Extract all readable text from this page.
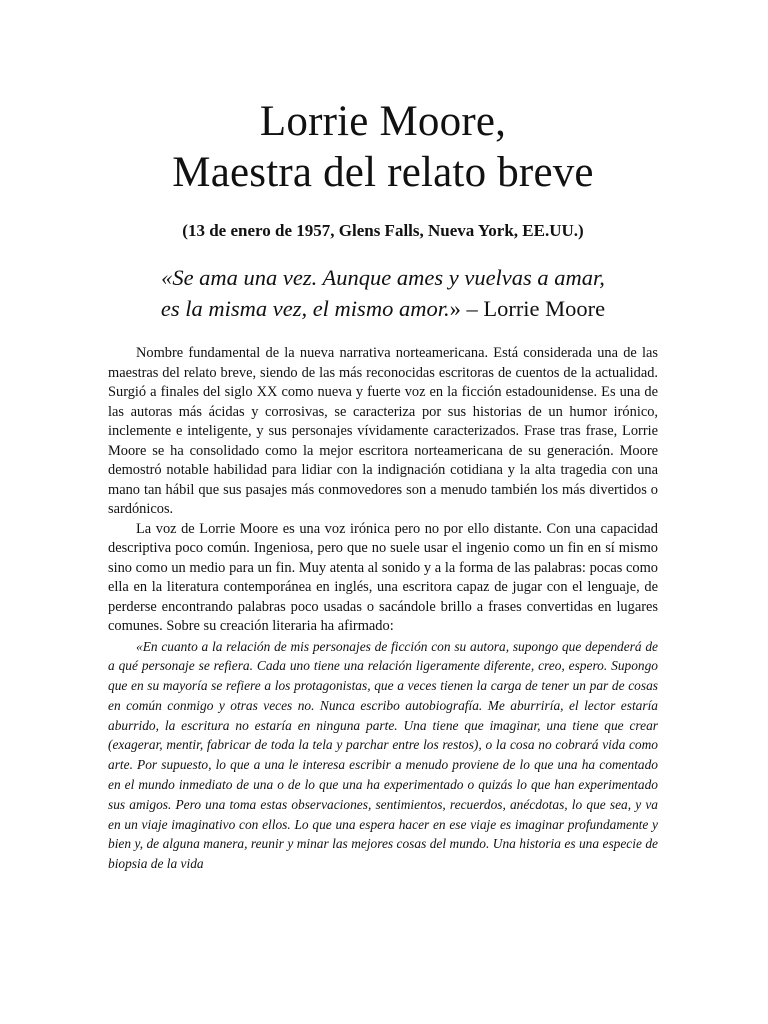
Lorrie Moore,
Maestra del relato breve

(13 de enero de 1957, Glens Falls, Nueva York, EE.UU.)

«Se ama una vez. Aunque ames y vuelvas a amar,
es la misma vez, el mismo amor.» – Lorrie Moore

Nombre fundamental de la nueva narrativa norteamericana. Está considerada una de las maestras del relato breve, siendo de las más reconocidas escritoras de cuentos de la actualidad. Surgió a finales del siglo XX como nueva y fuerte voz en la ficción estadounidense. Es una de las autoras más ácidas y corrosivas, se caracteriza por sus historias de un humor irónico, inclemente e inteligente, y sus personajes vívidamente caracterizados. Frase tras frase, Lorrie Moore se ha consolidado como la mejor escritora norteamericana de su generación. Moore demostró notable habilidad para lidiar con la indignación cotidiana y la alta tragedia con una mano tan hábil que sus pasajes más conmovedores son a menudo también los más divertidos o sardónicos.

La voz de Lorrie Moore es una voz irónica pero no por ello distante. Con una capacidad descriptiva poco común. Ingeniosa, pero que no suele usar el ingenio como un fin en sí mismo sino como un medio para un fin. Muy atenta al sonido y a la forma de las palabras: pocas como ella en la literatura contemporánea en inglés, una escritora capaz de jugar con el lenguaje, de perderse encontrando palabras poco usadas o sacándole brillo a frases convertidas en lugares comunes. Sobre su creación literaria ha afirmado:

«En cuanto a la relación de mis personajes de ficción con su autora, supongo que dependerá de a qué personaje se refiera. Cada uno tiene una relación ligeramente diferente, creo, espero. Supongo que en su mayoría se refiere a los protagonistas, que a veces tienen la carga de tener un par de cosas en común conmigo y otras veces no. Nunca escribo autobiografía. Me aburriría, el lector estaría aburrido, la escritura no estaría en ninguna parte. Una tiene que imaginar, una tiene que crear (exagerar, mentir, fabricar de toda la tela y parchar entre los restos), o la cosa no cobrará vida como arte. Por supuesto, lo que a una le interesa escribir a menudo proviene de lo que una ha comentado en el mundo inmediato de una o de lo que una ha experimentado o quizás lo que han experimentado sus amigos. Pero una toma estas observaciones, sentimientos, recuerdos, anécdotas, lo que sea, y va en un viaje imaginativo con ellos. Lo que una espera hacer en ese viaje es imaginar profundamente y bien y, de alguna manera, reunir y minar las mejores cosas del mundo. Una historia es una especie de biopsia de la vida
